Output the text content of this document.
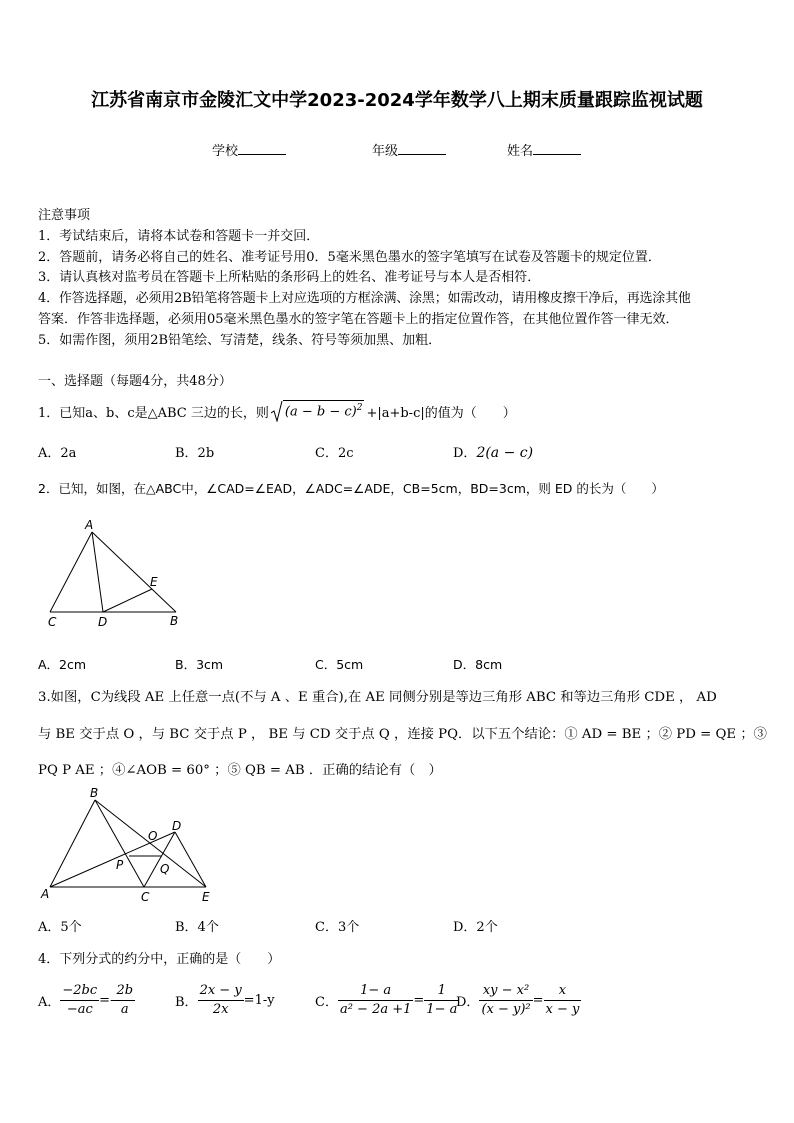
江苏省南京市金陵汇文中学2023-2024学年数学八上期末质量跟踪监视试题
学校	年级	姓名
注意事项
1．考试结束后，请将本试卷和答题卡一并交回．
2．答题前，请务必将自己的姓名、准考证号用0．5毫米黑色墨水的签字笔填写在试卷及答题卡的规定位置．
3．请认真核对监考员在答题卡上所粘贴的条形码上的姓名、准考证号与本人是否相符．
4．作答选择题，必须用2B铅笔将答题卡上对应选项的方框涂满、涂黑；如需改动，请用橡皮擦干净后，再选涂其他
答案．作答非选择题，必须用05毫米黑色墨水的签字笔在答题卡上的指定位置作答，在其他位置作答一律无效．
5．如需作图，须用2B铅笔绘、写清楚，线条、符号等须加黑、加粗．
一、选择题（每题4分，共48分）
1．已知a、b、c是△ABC 三边的长，则 $(a - b - c)^2 +|a+b-c|$的值为（　　）
A．2a	B．2b	C．2c	D．2(a − c)
2．已知，如图，在△ABC中，∠CAD=∠EAD，∠ADC=∠ADE，CB=5cm，BD=3cm，则 ED 的长为（　　）
A
E
C	D	B
A．2cm	B．3cm	C．5cm	D．8cm
3.如图，C为线段 AE 上任意一点(不与 A 、E 重合),在 AE 同侧分别是等边三角形 ABC 和等边三角形 CDE ， AD
与 BE 交于点 O ，与 BC 交于点 P ， BE 与 CD 交于点 Q ，连接 PQ．以下五个结论：① AD = BE ；② PD = QE ；③
PQ P AE ；④∠AOB = 60° ；⑤ QB = AB ．正确的结论有（　）
B
O
D
P	Q
A	C	E
A．5个	B．4个	C．3个	D．2个
4．下列分式的约分中，正确的是（　　）
A． $\frac{-2bc}{-ac} =- \frac{2b}{a}$	B． $\frac{2x - y}{2x} =1-y$	C． $\frac{1- a}{\text{a² − 2a +1}} = \frac{1}{1- a}$
D． $\frac{\text{xy − x²}}{\text{(x − y)²}} = \frac{x}{x - y}$
